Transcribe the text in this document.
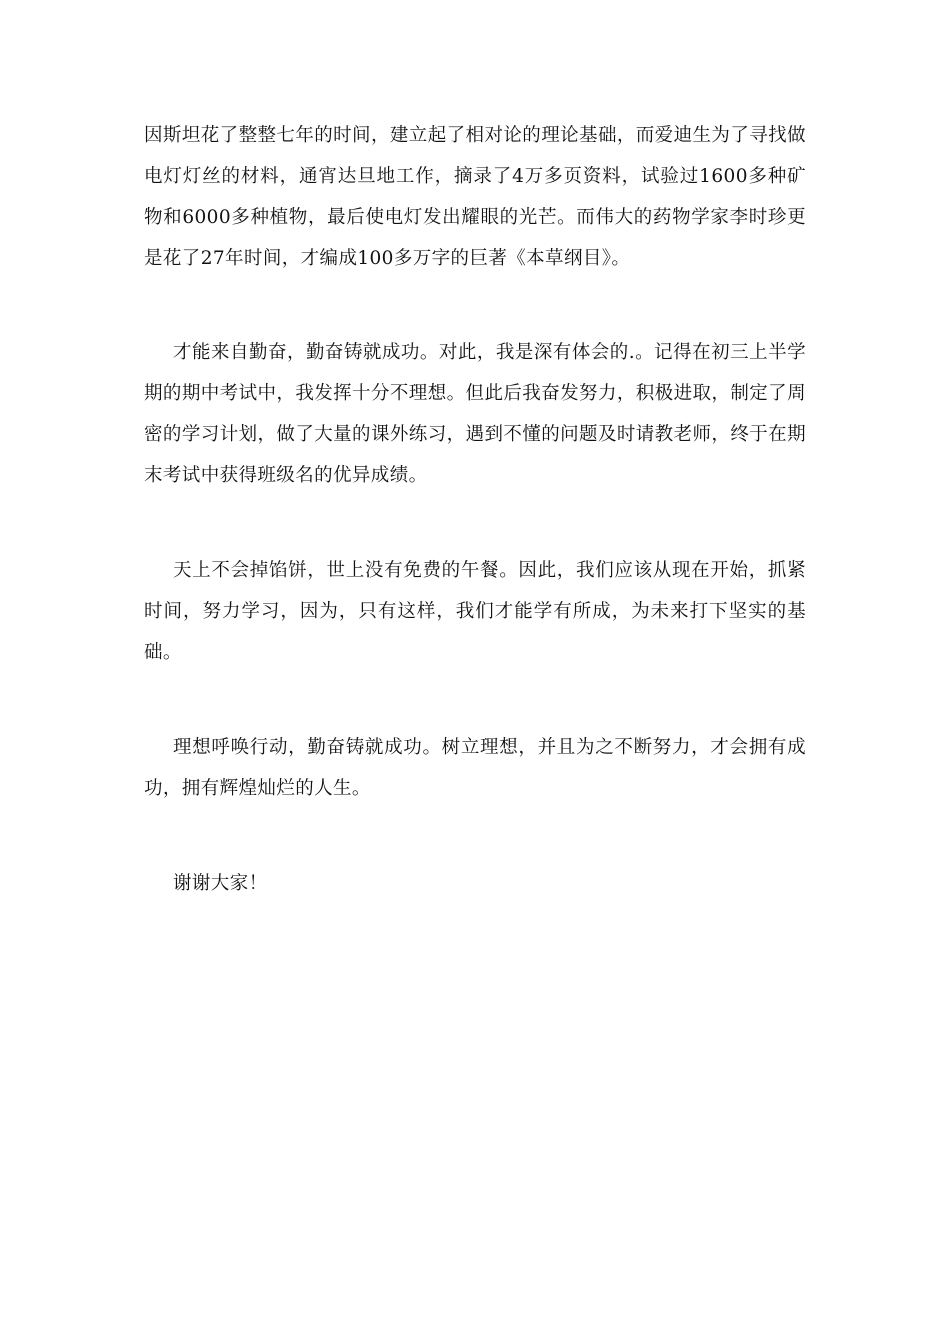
因斯坦花了整整七年的时间，建立起了相对论的理论基础，而爱迪生为了寻找做电灯灯丝的材料，通宵达旦地工作，摘录了4万多页资料，试验过1600多种矿物和6000多种植物，最后使电灯发出耀眼的光芒。而伟大的药物学家李时珍更是花了27年时间，才编成100多万字的巨著《本草纲目》。

才能来自勤奋，勤奋铸就成功。对此，我是深有体会的.。记得在初三上半学期的期中考试中，我发挥十分不理想。但此后我奋发努力，积极进取，制定了周密的学习计划，做了大量的课外练习，遇到不懂的问题及时请教老师，终于在期末考试中获得班级名的优异成绩。

天上不会掉馅饼，世上没有免费的午餐。因此，我们应该从现在开始，抓紧时间，努力学习，因为，只有这样，我们才能学有所成，为未来打下坚实的基础。

理想呼唤行动，勤奋铸就成功。树立理想，并且为之不断努力，才会拥有成功，拥有辉煌灿烂的人生。

谢谢大家！
